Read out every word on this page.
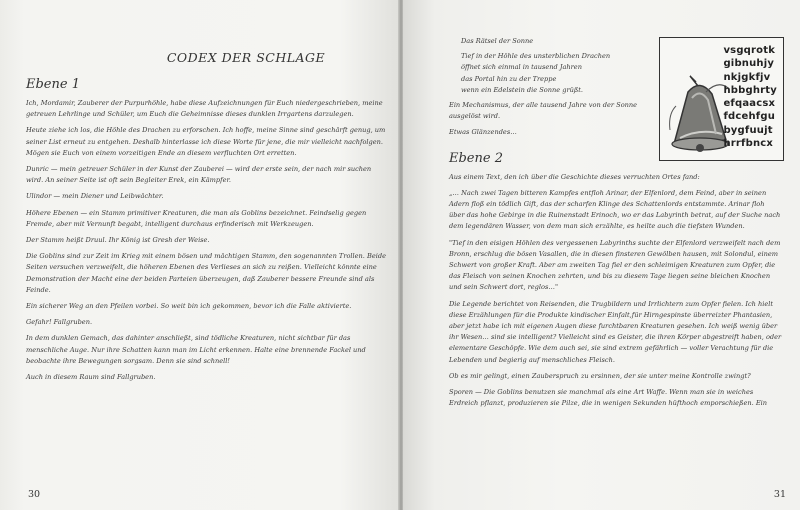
CODEX DER SCHLAGE
Ebene 1

Ich, Mordamir, Zauberer der Purpurhöhle, habe diese Aufzeichnungen für Euch niedergeschrieben, meine getreuen Lehrlinge und Schüler, um Euch die Geheimnisse dieses dunklen Irrgartens darzulegen.

Heute ziehe ich los, die Höhle des Drachen zu erforschen. Ich hoffe, meine Sinne sind geschärft genug, um seiner List erneut zu entgehen. Deshalb hinterlasse ich diese Worte für jene, die mir vielleicht nachfolgen. Mögen sie Euch von einem vorzeitigen Ende an diesem verfluchten Ort erretten.

Dunric — mein getreuer Schüler in der Kunst der Zauberei — wird der erste sein, der nach mir suchen wird. An seiner Seite ist oft sein Begleiter Erek, ein Kämpfer.

Ulindor — mein Diener und Leibwächter.

Höhere Ebenen — ein Stamm primitiver Kreaturen, die man als Goblins bezeichnet. Feindselig gegen Fremde, aber mit Vernunft begabt, intelligent durchaus erfinderisch mit Werkzeugen.

Der Stamm heißt Druul. Ihr König ist Gresh der Weise.

Die Goblins sind zur Zeit im Krieg mit einem bösen und mächtigen Stamm, den sogenannten Trollen. Beide Seiten versuchen verzweifelt, die höheren Ebenen des Verlieses an sich zu reißen. Vielleicht könnte eine Demonstration der Macht eine der beiden Parteien überzeugen, daß Zauberer bessere Freunde sind als Feinde.

Ein sicherer Weg an den Pfeilen vorbei. So weit bin ich gekommen, bevor ich die Falle aktivierte.

Gefahr! Fallgruben.

In dem dunklen Gemach, das dahinter anschließt, sind tödliche Kreaturen, nicht sichtbar für das menschliche Auge. Nur ihre Schatten kann man im Licht erkennen. Halte eine brennende Fackel und beobachte ihre Bewegungen sorgsam. Denn sie sind schnell!

Auch in diesem Raum sind Fallgruben.

30

Das Rätsel der Sonne

Tief in der Höhle des unsterblichen Drachen
öffnet sich einmal in tausend Jahren
das Portal hin zu der Treppe
wenn ein Edelstein die Sonne grüßt.

Ein Mechanismus, der alle tausend Jahre von der Sonne ausgelöst wird.

Etwas Glänzendes…

Ebene 2

Aus einem Text, den ich über die Geschichte dieses verruchten Ortes fand:

„… Nach zwei Tagen bitteren Kampfes entfloh Arinar, der Elfenlord, dem Feind, aber in seinen Adern floß ein tödlich Gift, das der scharfen Klinge des Schattenlords entstammte. Arinar floh über das hohe Gebirge in die Ruinenstadt Erinoch, wo er das Labyrinth betrat, auf der Suche nach dem legendären Wasser, von dem man sich erzählte, es heilte auch die tiefsten Wunden.

"Tief in den eisigen Höhlen des vergessenen Labyrinths suchte der Elfenlord verzweifelt nach dem Bronn, erschlug die bösen Vasallen, die in diesen finsteren Gewölben hausen, mit Solondul, einem Schwert von großer Kraft. Aber am zweiten Tag fiel er den schleimigen Kreaturen zum Opfer, die das Fleisch von seinen Knochen zehrten, und bis zu diesem Tage liegen seine bleichen Knochen und sein Schwert dort, reglos…"

Die Legende berichtet von Reisenden, die Trugbildern und Irrlichtern zum Opfer fielen. Ich hielt diese Erzählungen für die Produkte kindischer Einfalt,für Hirngespinste überreizter Phantasien, aber jetzt habe ich mit eigenen Augen diese furchtbaren Kreaturen gesehen. Ich weiß wenig über ihr Wesen… sind sie intelligent? Vielleicht sind es Geister, die ihren Körper abgestreift haben, oder elementare Geschöpfe. Wie dem auch sei, sie sind extrem gefährlich — voller Verachtung für die Lebenden und begierig auf menschliches Fleisch.

Ob es mir gelingt, einen Zauberspruch zu ersinnen, der sie unter meine Kontrolle zwingt?

Sporen — Die Goblins benutzen sie manchmal als eine Art Waffe. Wenn man sie in weiches Erdreich pflanzt, produzieren sie Pilze, die in wenigen Sekunden hüfthoch emporschießen. Ein

31
vsgqrotk
gibnuhjy
nkjgkfjv
hbbghrty
efqaacsx
fdcehfgu
bygfuujt
hrrfbncx
